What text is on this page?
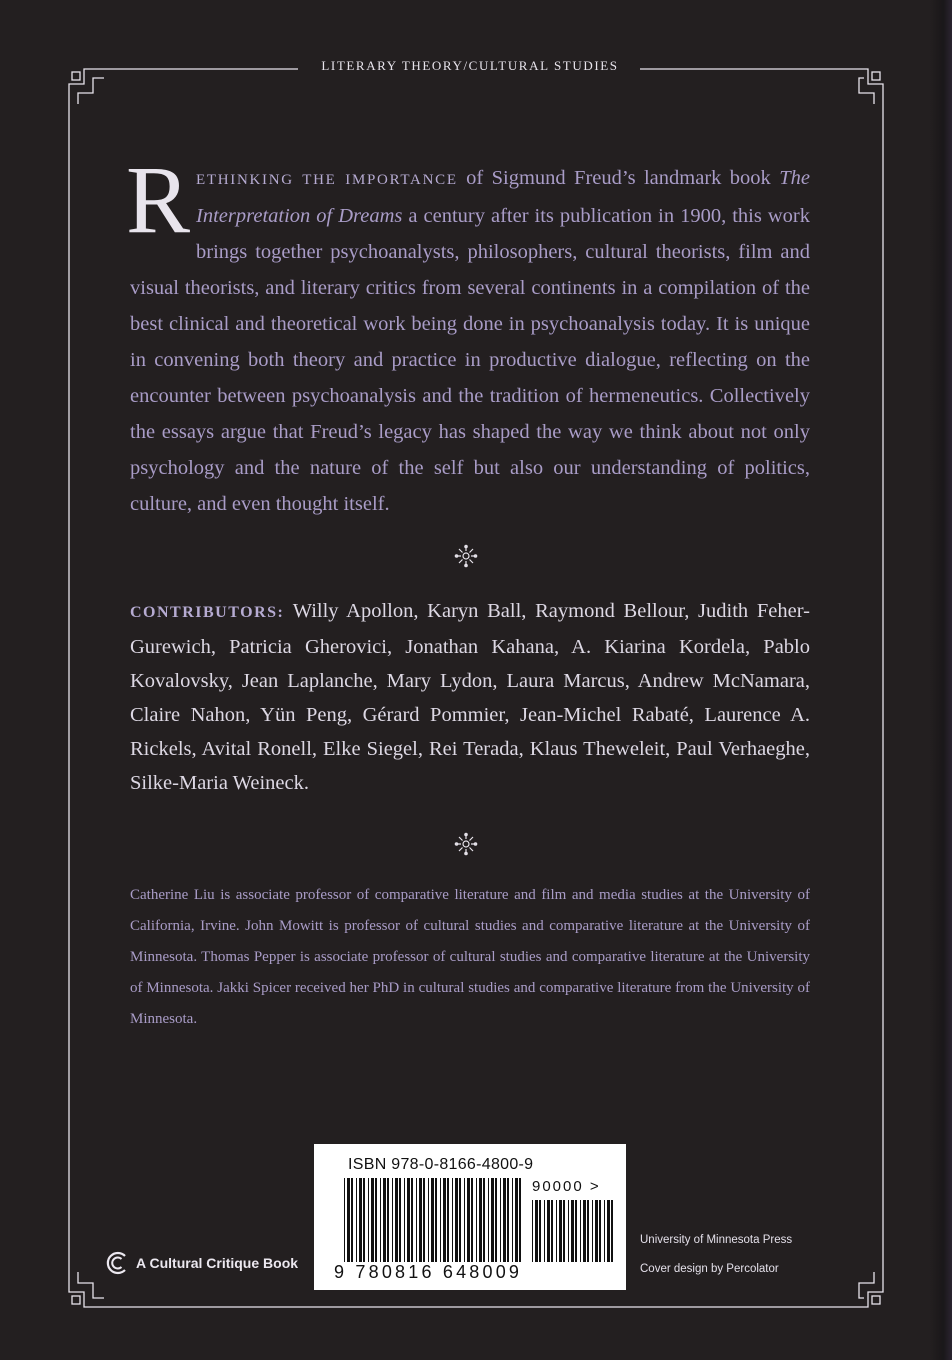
LITERARY THEORY/CULTURAL STUDIES

RETHINKING THE IMPORTANCE of Sigmund Freud’s landmark book The Interpretation of Dreams a century after its publication in 1900, this work brings together psychoanalysts, philosophers, cultural theorists, film and visual theorists, and literary critics from several continents in a compilation of the best clinical and theoretical work being done in psychoanalysis today. It is unique in convening both theory and practice in productive dialogue, reflecting on the encounter between psychoanalysis and the tradition of hermeneutics. Collectively the essays argue that Freud’s legacy has shaped the way we think about not only psychology and the nature of the self but also our understanding of politics, culture, and even thought itself.

CONTRIBUTORS: Willy Apollon, Karyn Ball, Raymond Bellour, Judith Feher-Gurewich, Patricia Gherovici, Jonathan Kahana, A. Kiarina Kordela, Pablo Kovalovsky, Jean Laplanche, Mary Lydon, Laura Marcus, Andrew McNamara, Claire Nahon, Yün Peng, Gérard Pommier, Jean-Michel Rabaté, Laurence A. Rickels, Avital Ronell, Elke Siegel, Rei Terada, Klaus Theweleit, Paul Verhaeghe, Silke-Maria Weineck.

Catherine Liu is associate professor of comparative literature and film and media studies at the University of California, Irvine. John Mowitt is professor of cultural studies and comparative literature at the University of Minnesota. Thomas Pepper is associate professor of cultural studies and comparative literature at the University of Minnesota. Jakki Spicer received her PhD in cultural studies and comparative literature from the University of Minnesota.

ISBN 978-0-8166-4800-9
90000 >
9 780816 648009
A Cultural Critique Book
University of Minnesota Press
Cover design by Percolator
